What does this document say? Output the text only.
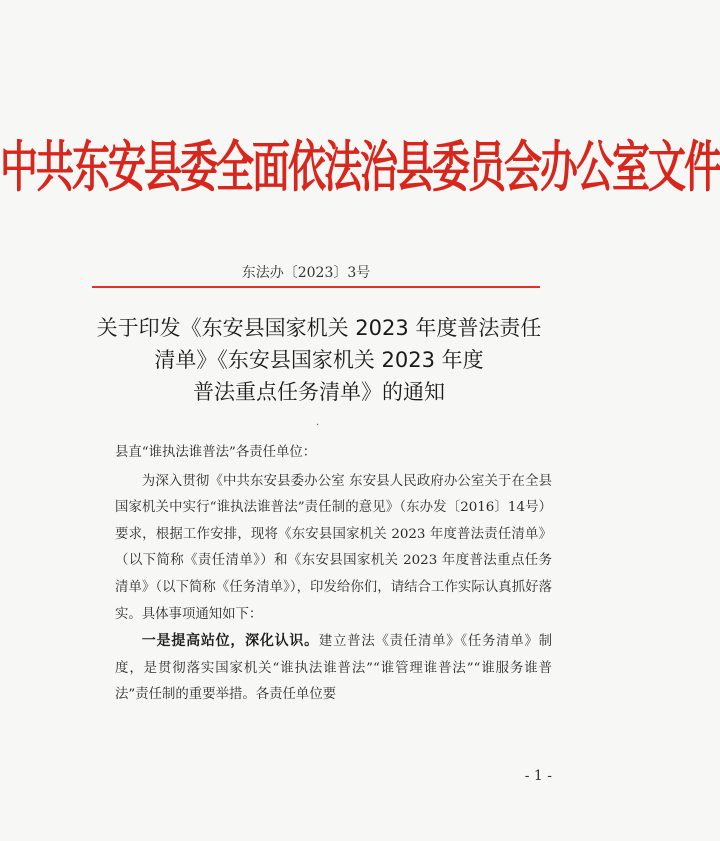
中共东安县委全面依法治县委员会办公室文件
东法办〔2023〕3号
关于印发《东安县国家机关 2023 年度普法责任
清单》《东安县国家机关 2023 年度
普法重点任务清单》的通知
·

县直“谁执法谁普法”各责任单位：

为深入贯彻《中共东安县委办公室 东安县人民政府办公室关于在全县国家机关中实行“谁执法谁普法”责任制的意见》（东办发〔2016〕14号）要求，根据工作安排，现将《东安县国家机关 2023 年度普法责任清单》（以下简称《责任清单》）和《东安县国家机关 2023 年度普法重点任务清单》（以下简称《任务清单》），印发给你们，请结合工作实际认真抓好落实。具体事项通知如下：

一是提高站位，深化认识。建立普法《责任清单》《任务清单》制度，是贯彻落实国家机关“谁执法谁普法”“谁管理谁普法”“谁服务谁普法”责任制的重要举措。各责任单位要

- 1 -
